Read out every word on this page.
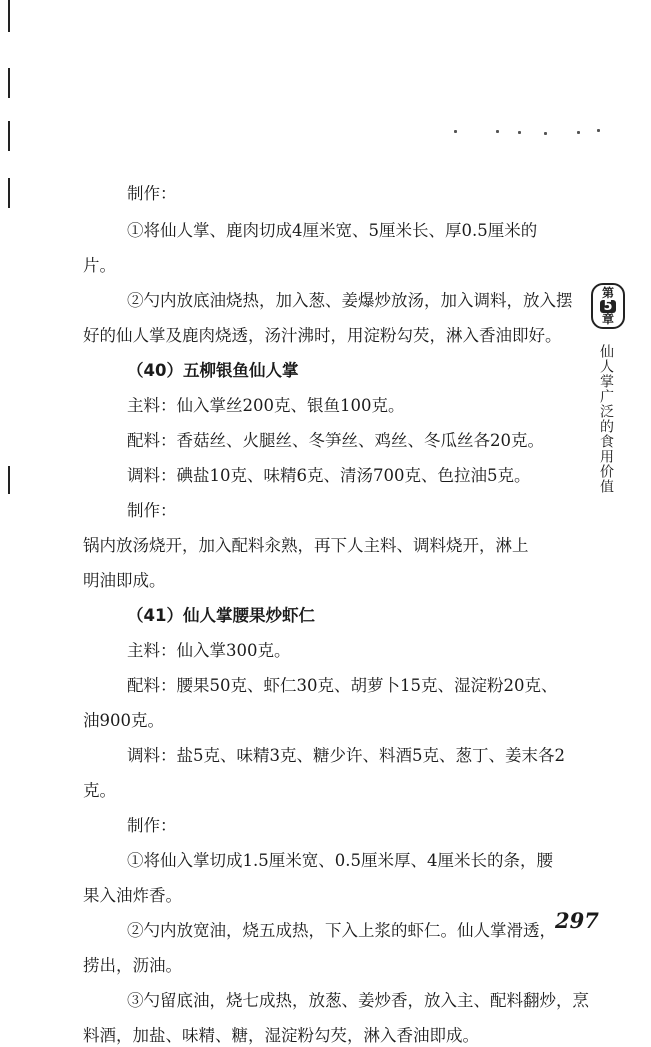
制作：
①将仙人掌、鹿肉切成4厘米宽、5厘米长、厚0.5厘米的
片。
②勺内放底油烧热，加入葱、姜爆炒放汤，加入调料，放入摆
好的仙人掌及鹿肉烧透，汤汁沸时，用淀粉勾芡，淋入香油即好。
（40）五柳银鱼仙人掌
主料：仙入掌丝200克、银鱼100克。
配料：香菇丝、火腿丝、冬笋丝、鸡丝、冬瓜丝各20克。
调料：碘盐10克、味精6克、清汤700克、色拉油5克。
制作：
锅内放汤烧开，加入配料汆熟，再下人主料、调料烧开，淋上
明油即成。
（41）仙人掌腰果炒虾仁
主料：仙入掌300克。
配料：腰果50克、虾仁30克、胡萝卜15克、湿淀粉20克、
油900克。
调料：盐5克、味精3克、糖少许、料酒5克、葱丁、姜末各2
克。
制作：
①将仙入掌切成1.5厘米宽、0.5厘米厚、4厘米长的条，腰
果入油炸香。
②勺内放宽油，烧五成热，下入上浆的虾仁。仙人掌滑透，
捞出，沥油。
③勺留底油，烧七成热，放葱、姜炒香，放入主、配料翻炒，烹
料酒，加盐、味精、糖，湿淀粉勾芡，淋入香油即成。
第
5
章
仙人掌广泛的食用价值
297
